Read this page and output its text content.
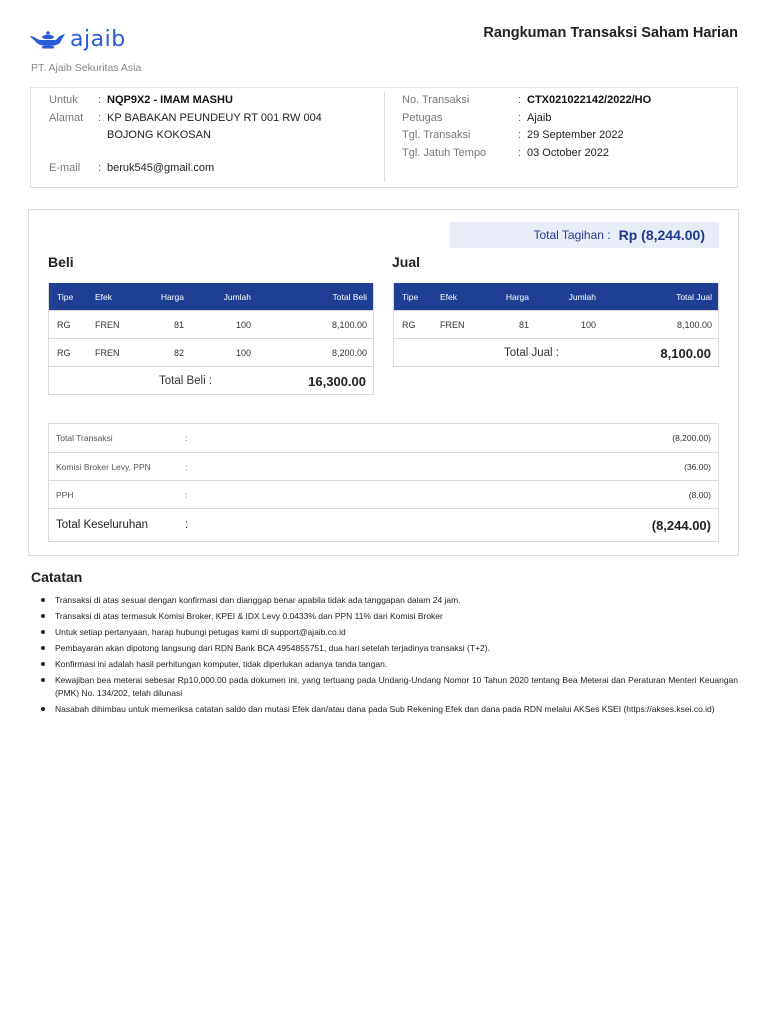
ajaib
PT. Ajaib Sekuritas Asia
Rangkuman Transaksi Saham Harian
Untuk : NQP9X2 - IMAM MASHU
Alamat : KP BABAKAN PEUNDEUY RT 001 RW 004
BOJONG KOKOSAN
E-mail : beruk545@gmail.com
No. Transaksi	: CTX021022142/2022/HO
Petugas	: Ajaib
Tgl. Transaksi	: 29 September 2022
Tgl. Jatuh Tempo	: 03 October 2022
Total Tagihan : Rp (8,244.00)
Beli	Jual
Tipe	Efek	Harga	Jumlah	Total Beli
RG	FREN	81	100	8,100.00
RG	FREN	82	100	8,200.00
Total Beli :	16,300.00
Tipe	Efek	Harga	Jumlah	Total Jual
RG	FREN	81	100	8,100.00
Total Jual :	8,100.00
Total Transaksi	:	(8,200.00)
Komisi Broker Levy, PPN	:	(36.00)
PPH	:	(8.00)
Total Keseluruhan	:	(8,244.00)
Catatan
Transaksi di atas sesuai dengan konfirmasi dan dianggap benar apabila tidak ada tanggapan dalam 24 jam.
Transaksi di atas termasuk Komisi Broker, KPEI & IDX Levy 0.0433% dan PPN 11% dari Komisi Broker
Untuk setiap pertanyaan, harap hubungi petugas kami di support@ajaib.co.id
Pembayaran akan dipotong langsung dari RDN Bank BCA 4954855751, dua hari setelah terjadinya transaksi (T+2).
Konfirmasi ini adalah hasil perhitungan komputer, tidak diperlukan adanya tanda tangan.
Kewajiban bea meterai sebesar Rp10,000.00 pada dokumen ini, yang tertuang pada Undang-Undang Nomor 10 Tahun 2020 tentang Bea Meterai dan Peraturan Menteri Keuangan (PMK) No. 134/202, telah dilunasi
Nasabah dihimbau untuk memeriksa catatan saldo dan mutasi Efek dan/atau dana pada Sub Rekening Efek dan dana pada RDN melalui AKSes KSEI (https://akses.ksei.co.id)
